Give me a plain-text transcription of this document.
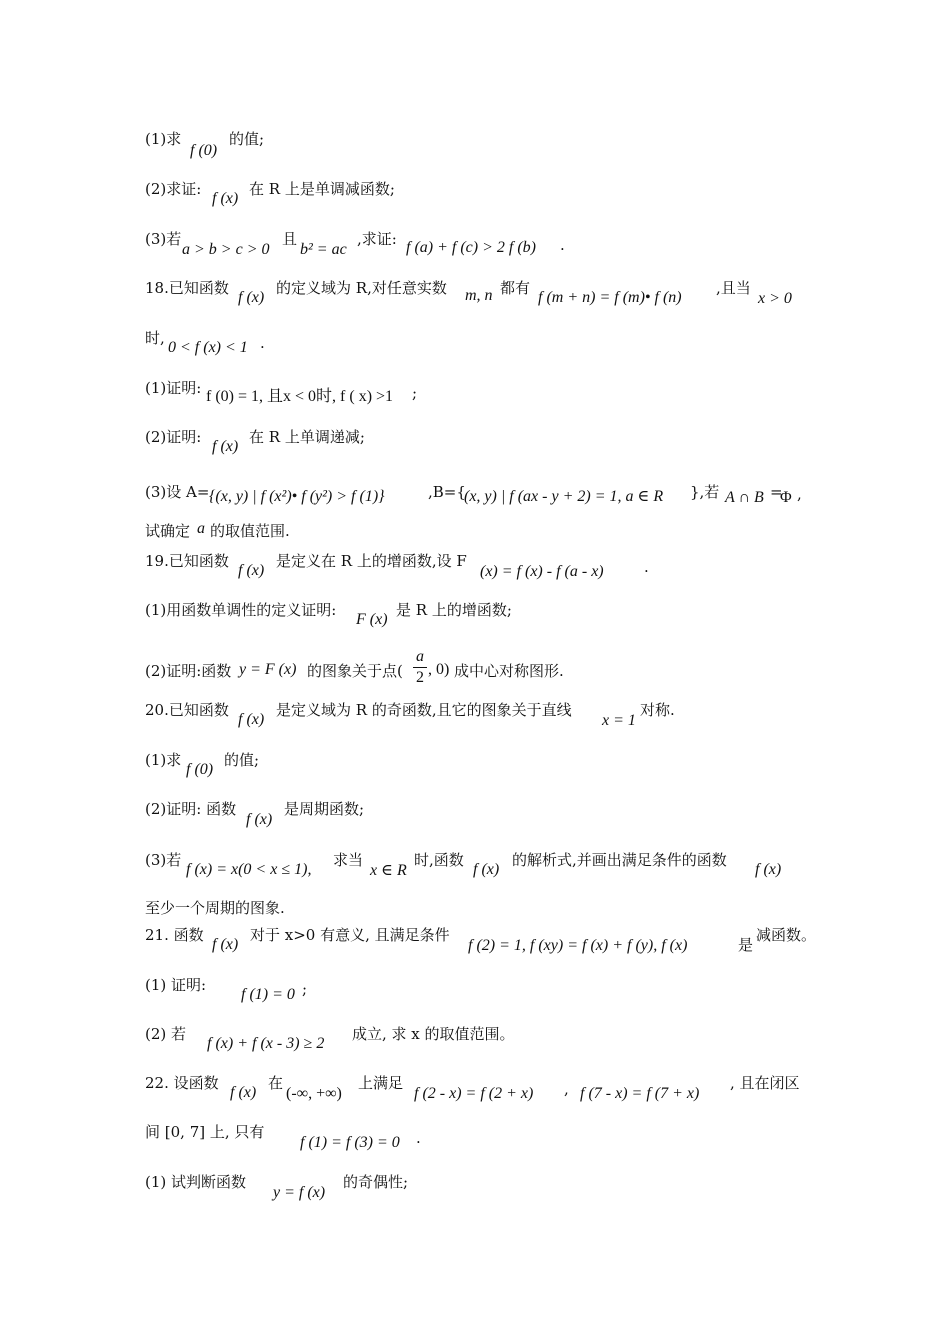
(1)求
f (0)
的值;
(2)求证:
f (x)
在 R 上是单调减函数;
(3)若
a > b > c > 0
且
b² = ac
,求证: f (a) + f (c) > 2 f (b) .
18.已知函数
f (x)
的定义域为 R,对任意实数 m, n 都有
f (m + n) = f (m)• f (n)
,且当
x > 0
时,
0 < f (x) < 1 .
(1)证明: f (0) = 1, 且x < 0时, f ( x) >1 ;
(2)证明:
f (x)
在 R 上单调递减;
(3)设 A= {(x, y) | f (x²)• f (y²) > f (1)}	,B={
(x, y) | f (ax - y + 2) = 1, a ∈ R },若 A ∩ B =
Φ ,
试确定 a 的取值范围.
19.已知函数
f (x)
是定义在 R 上的增函数,设 F
(x) = f (x) - f (a - x)	.
(1)用函数单调性的定义证明:
F (x)
是 R 上的增函数;
(2)证明:函数 y = F (x) 的图象关于点(
a
2 , 0) 成中心对称图形.
20.已知函数
f (x)
是定义域为 R 的奇函数,且它的图象关于直线
x = 1
对称.
(1)求
f (0)
的值;
(2)证明: 函数
f (x)
是周期函数;
(3)若
f (x) = x(0 < x ≤ 1),
求当
x ∈ R
时,函数
f (x)
的解析式,并画出满足条件的函数
f (x)
至少一个周期的图象.
21. 函数
f (x)
对于 x>0 有意义, 且满足条件
f (2) = 1, f (xy) = f (x) + f (y), f (x)	是
减函数。
(1) 证明:
f (1) = 0 ;
(2) 若
f (x) + f (x - 3) ≥ 2
成立, 求 x 的取值范围。
22. 设函数
f (x)
在
(-∞, +∞)
上满足
f (2 - x) = f (2 + x) , f (7 - x) = f (7 + x)
, 且在闭区
间 [0, 7] 上, 只有
f (1) = f (3) = 0 .
(1) 试判断函数
y = f (x)
的奇偶性;
